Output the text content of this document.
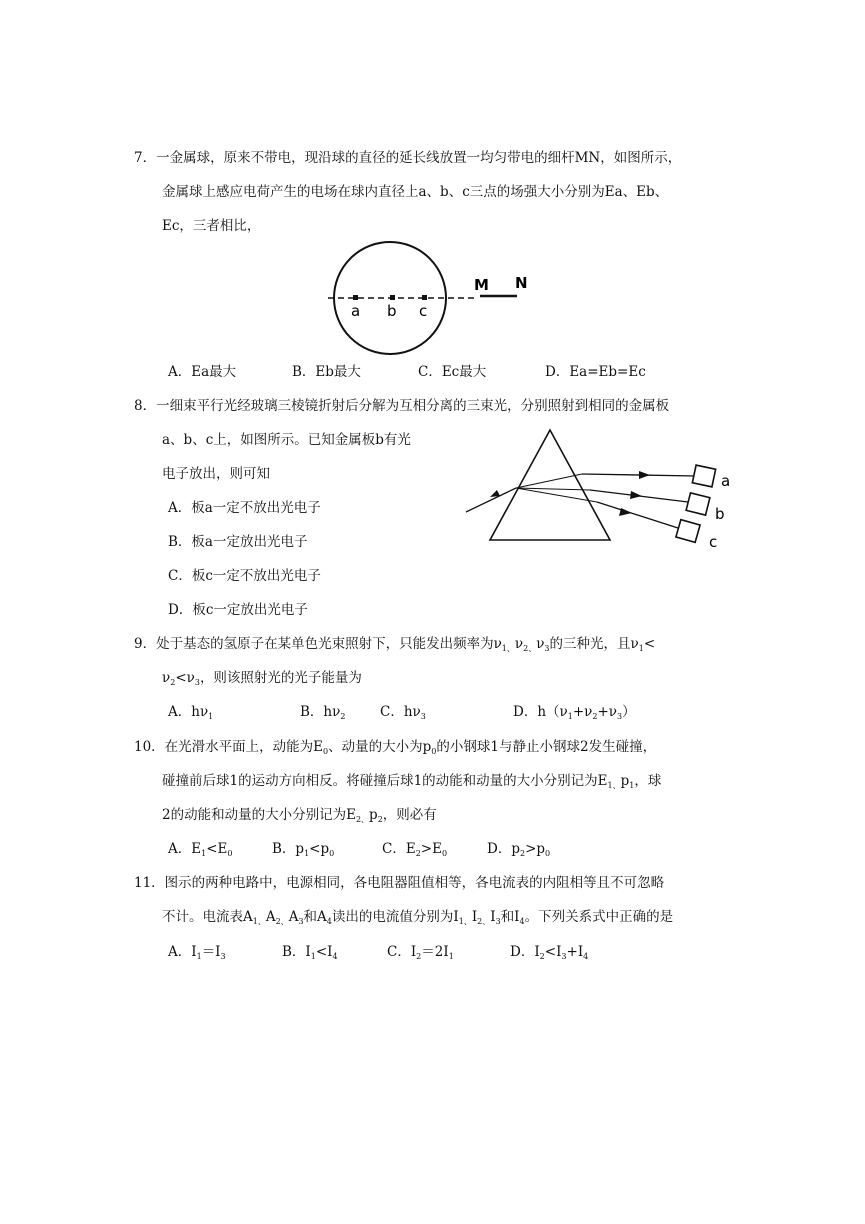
7．一金属球，原来不带电，现沿球的直径的延长线放置一均匀带电的细杆MN，如图所示，
金属球上感应电荷产生的电场在球内直径上a、b、c三点的场强大小分别为Ea、Eb、
Ec，三者相比，
a b c
M N
A．Ea最大	B．Eb最大	C．Ec最大	D．Ea=Eb=Ec
8．一细束平行光经玻璃三棱镜折射后分解为互相分离的三束光，分别照射到相同的金属板
a、b、c上，如图所示。已知金属板b有光
电子放出，则可知
A．板a一定不放出光电子
B．板a一定放出光电子
C．板c一定不放出光电子
D．板c一定放出光电子
a
b
c
9．处于基态的氢原子在某单色光束照射下，只能发出频率为$\nu_{1、}\nu_{2、}\nu_3$的三种光，且$\nu_1<$
$\nu_2<\nu_3$，则该照射光的光子能量为
A．$h\nu_1$	B．$h\nu_2$	C．$h\nu_3$	D．$h(\nu_1+\nu_2+\nu_3)$
10．在光滑水平面上，动能为$E_0$、动量的大小为$p_0$的小钢球1与静止小钢球2发生碰撞，
碰撞前后球1的运动方向相反。将碰撞后球1的动能和动量的大小分别记为$E_{1、}p_1$，球
2的动能和动量的大小分别记为$E_{2、}p_2$，则必有
A．$E_1<E_0$	B．$p_1<p_0$	C．$E_2>E_0$	D．$p_2>p_0$
11．图示的两种电路中，电源相同，各电阻器阻值相等，各电流表的内阻相等且不可忽略
不计。电流表$A_{1、}A_{2、}A_3$和$A_4$读出的电流值分别为$I_{1、}I_{2、}I_3$和$I_4$。下列关系式中正确的是
A．$I_1=I_3$	B．$I_1<I_4$	C．$I_2=2I_1$	D．$I_2<I_3+I_4$
